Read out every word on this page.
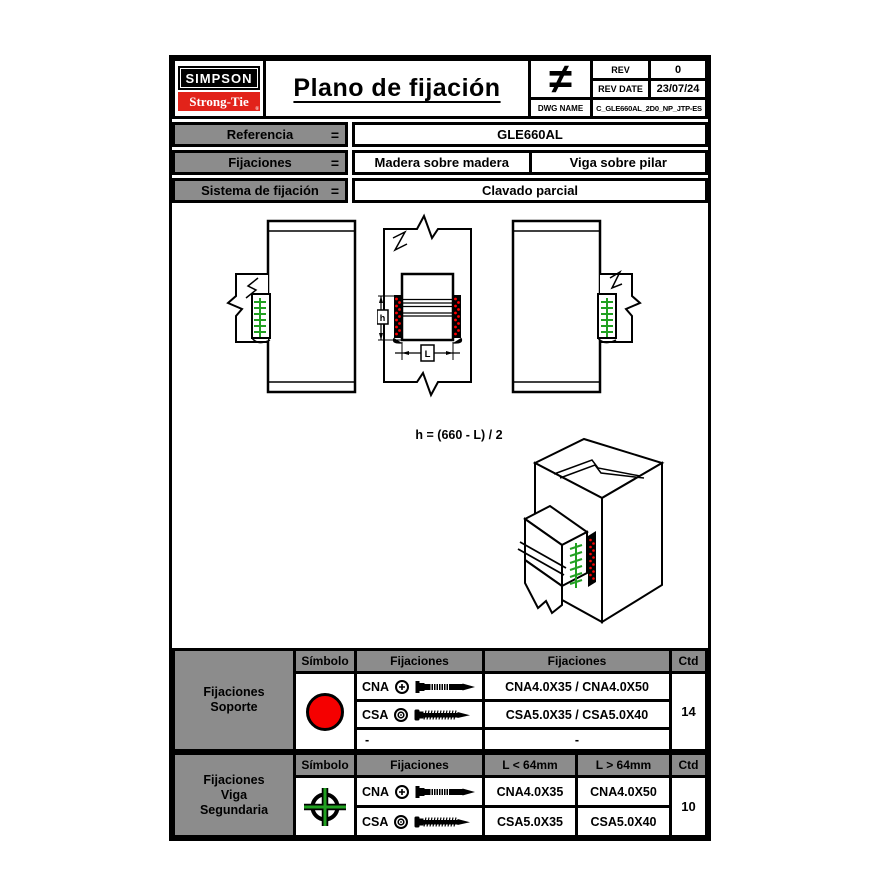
SIMPSON
Strong-Tie
®
Plano de fijación	≠
DWG NAME
REV	0
REV DATE	23/07/24
C_GLE660AL_2D0_NP_JTP-ES
Referencia	=	GLE660AL
Fijaciones	=	Madera sobre madera	Viga sobre pilar
Sistema de fijación =	Clavado parcial
h
L
h = (660 - L) / 2
Fijaciones
Soporte
Símbolo	Fijaciones	Fijaciones	Ctd
CNA	CNA4.0X35 / CNA4.0X50
CSA	CSA5.0X35 / CSA5.0X40
-	-
14
Fijaciones
Viga
Segundaria
Símbolo	Fijaciones	L < 64mm	L > 64mm	Ctd
CNA	CNA4.0X35	CNA4.0X50
CSA	CSA5.0X35	CSA5.0X40
10
